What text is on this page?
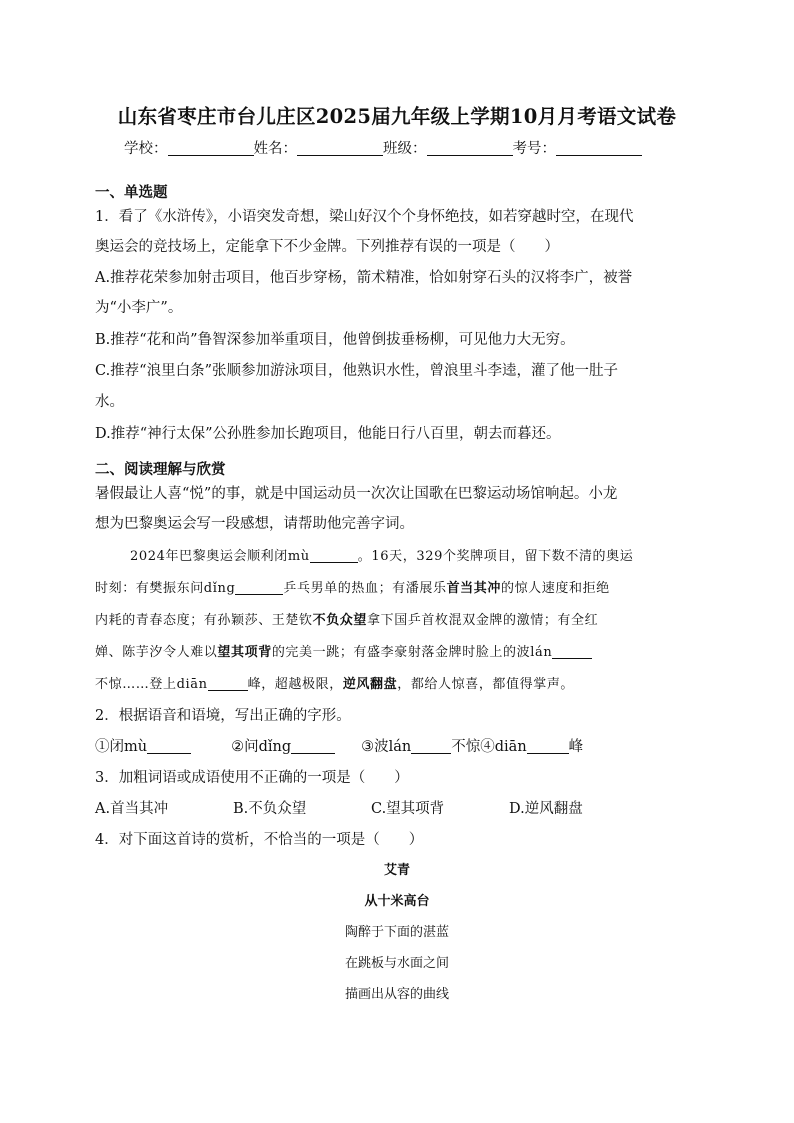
山东省枣庄市台儿庄区2025届九年级上学期10月月考语文试卷
学校：	姓名：	班级：	考号：
一、单选题
1．看了《水浒传》，小语突发奇想，梁山好汉个个身怀绝技，如若穿越时空，在现代
奥运会的竞技场上，定能拿下不少金牌。下列推荐有误的一项是（　　）
A.推荐花荣参加射击项目，他百步穿杨，箭术精准，恰如射穿石头的汉将李广，被誉
为“小李广”。
B.推荐“花和尚”鲁智深参加举重项目，他曾倒拔垂杨柳，可见他力大无穷。
C.推荐“浪里白条”张顺参加游泳项目，他熟识水性，曾浪里斗李逵，灌了他一肚子
水。
D.推荐“神行太保”公孙胜参加长跑项目，他能日行八百里，朝去而暮还。
二、阅读理解与欣赏
暑假最让人喜“悦”的事，就是中国运动员一次次让国歌在巴黎运动场馆响起。小龙
想为巴黎奥运会写一段感想，请帮助他完善字词。
2024年巴黎奥运会顺利闭mù	。16天，329个奖牌项目，留下数不清的奥运
时刻：有樊振东问dǐng	乒乓男单的热血；有潘展乐首当其冲的惊人速度和拒绝
内耗的青春态度；有孙颖莎、王楚钦不负众望拿下国乒首枚混双金牌的激情；有全红
婵、陈芋汐令人难以望其项背的完美一跳；有盛李豪射落金牌时脸上的波lán
不惊……登上diān	峰，超越极限，逆风翻盘，都给人惊喜，都值得掌声。
2．根据语音和语境，写出正确的字形。
①闭mù	②问dǐng	③波lán	不惊④diān	峰
3．加粗词语或成语使用不正确的一项是（　　）
A.首当其冲	B.不负众望	C.望其项背	D.逆风翻盘
4．对下面这首诗的赏析，不恰当的一项是（　　）
艾青
从十米高台
陶醉于下面的湛蓝
在跳板与水面之间
描画出从容的曲线
